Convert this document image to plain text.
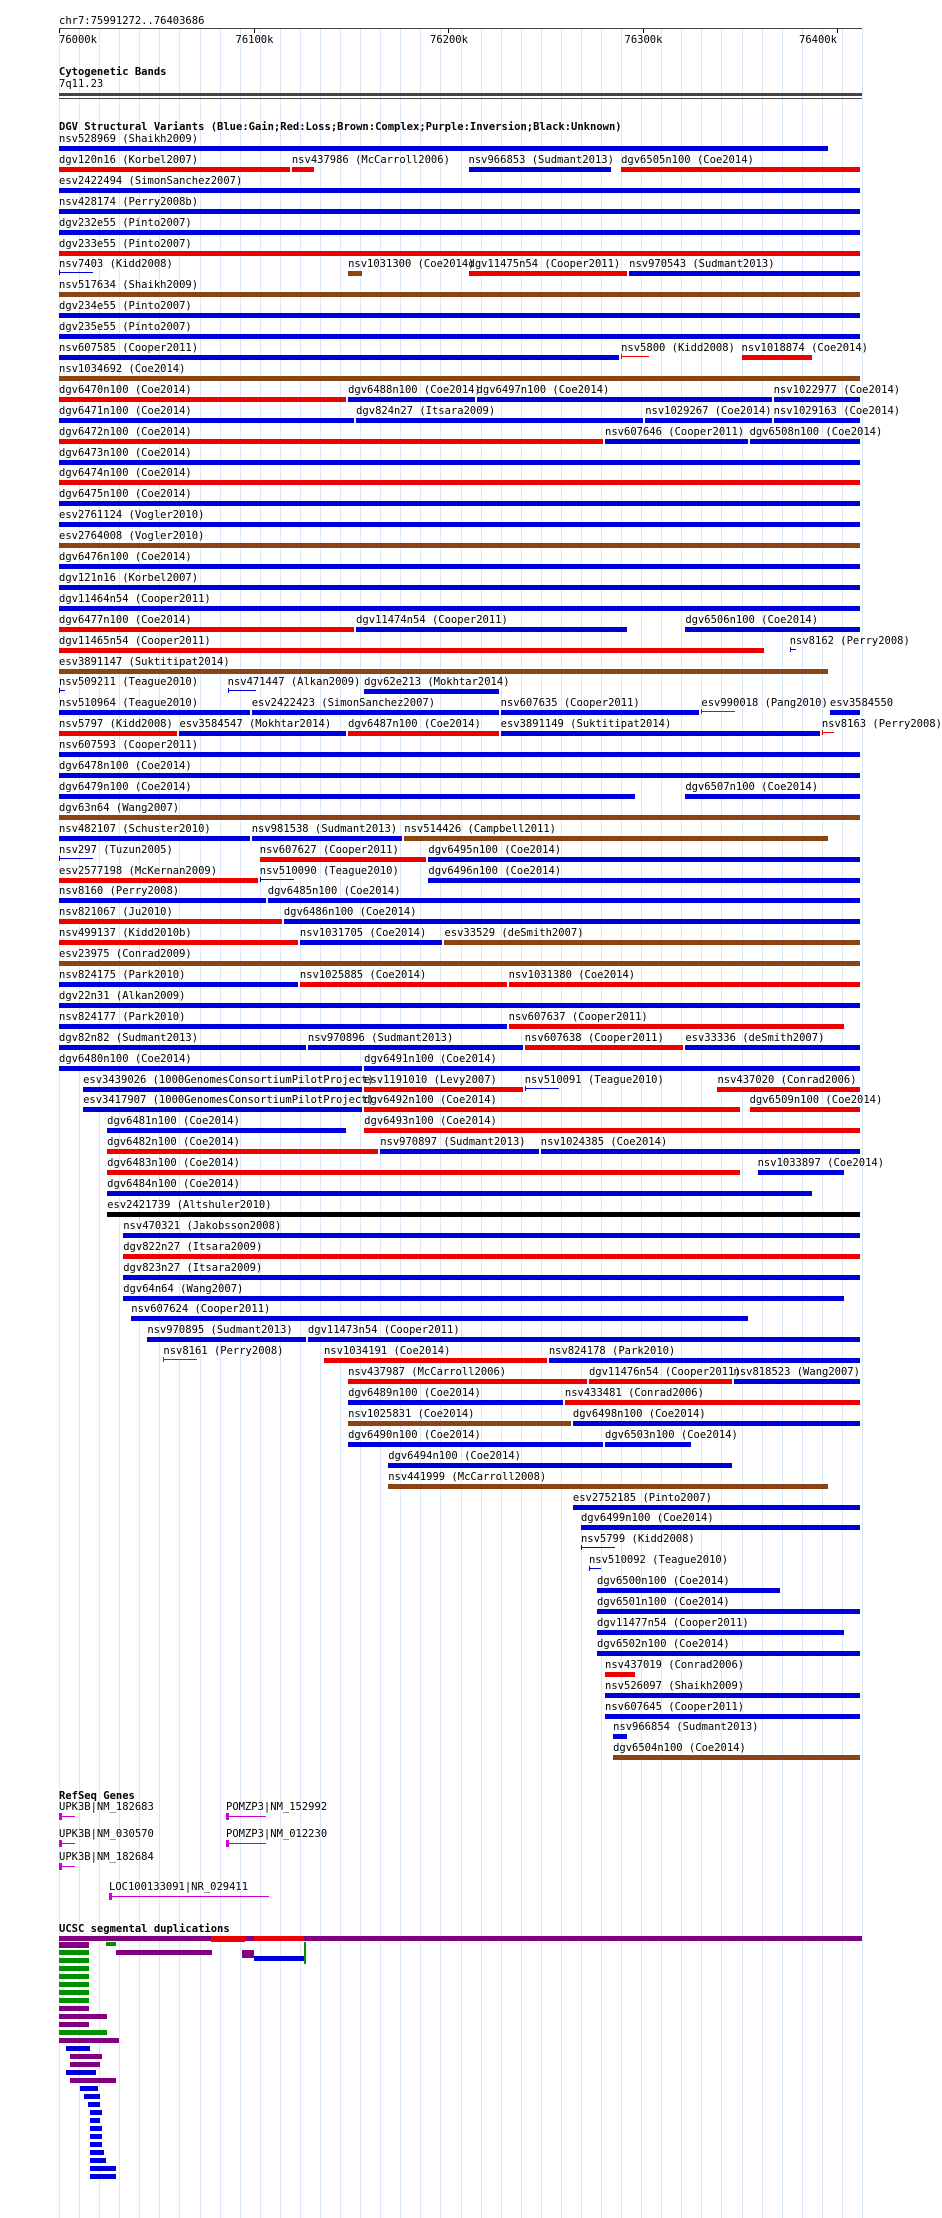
chr7:75991272..76403686
76000k	76100k	76200k	76300k	76400k
Cytogenetic Bands
7q11.23
DGV Structural Variants (Blue:Gain;Red:Loss;Brown:Complex;Purple:Inversion;Black:Unknown)
nsv528969 (Shaikh2009)
dgv120n16 (Korbel2007)	nsv437986 (McCarroll2006) nsv966853 (Sudmant2013) dgv6505n100 (Coe2014)
esv2422494 (SimonSanchez2007)
nsv428174 (Perry2008b)
dgv232e55 (Pinto2007)
dgv233e55 (Pinto2007)
nsv7403 (Kidd2008)	nsv1031300 (Coe2014)
dgv11475n54 (Cooper2011) nsv970543 (Sudmant2013)
nsv517634 (Shaikh2009)
dgv234e55 (Pinto2007)
dgv235e55 (Pinto2007)
nsv607585 (Cooper2011)	nsv5800 (Kidd2008) nsv1018874 (Coe2014)
nsv1034692 (Coe2014)
dgv6470n100 (Coe2014)	dgv6488n100 (Coe2014)
dgv6497n100 (Coe2014)	nsv1022977 (Coe2014)
dgv6471n100 (Coe2014)	dgv824n27 (Itsara2009)	nsv1029267 (Coe2014) nsv1029163 (Coe2014)
dgv6472n100 (Coe2014)	nsv607646 (Cooper2011) dgv6508n100 (Coe2014)
dgv6473n100 (Coe2014)
dgv6474n100 (Coe2014)
dgv6475n100 (Coe2014)
esv2761124 (Vogler2010)
esv2764008 (Vogler2010)
dgv6476n100 (Coe2014)
dgv121n16 (Korbel2007)
dgv11464n54 (Cooper2011)
dgv6477n100 (Coe2014)	dgv11474n54 (Cooper2011)	dgv6506n100 (Coe2014)
dgv11465n54 (Cooper2011)	nsv8162 (Perry2008)
esv3891147 (Suktitipat2014)
nsv509211 (Teague2010)	nsv471447 (Alkan2009) dgv62e213 (Mokhtar2014)
nsv510964 (Teague2010)	esv2422423 (SimonSanchez2007)	nsv607635 (Cooper2011)	esv990018 (Pang2010) esv3584550
nsv5797 (Kidd2008) esv3584547 (Mokhtar2014) dgv6487n100 (Coe2014) esv3891149 (Suktitipat2014)	nsv8163 (Perry2008)
nsv607593 (Cooper2011)
dgv6478n100 (Coe2014)
dgv6479n100 (Coe2014)	dgv6507n100 (Coe2014)
dgv63n64 (Wang2007)
nsv482107 (Schuster2010)	nsv981538 (Sudmant2013) nsv514426 (Campbell2011)
nsv297 (Tuzun2005)	nsv607627 (Cooper2011)	dgv6495n100 (Coe2014)
esv2577198 (McKernan2009)	nsv510090 (Teague2010)	dgv6496n100 (Coe2014)
nsv8160 (Perry2008)	dgv6485n100 (Coe2014)
nsv821067 (Ju2010)	dgv6486n100 (Coe2014)
nsv499137 (Kidd2010b)	nsv1031705 (Coe2014) esv33529 (deSmith2007)
esv23975 (Conrad2009)
nsv824175 (Park2010)	nsv1025885 (Coe2014)	nsv1031380 (Coe2014)
dgv22n31 (Alkan2009)
nsv824177 (Park2010)	nsv607637 (Cooper2011)
dgv82n82 (Sudmant2013)	nsv970896 (Sudmant2013)	nsv607638 (Cooper2011) esv33336 (deSmith2007)
dgv6480n100 (Coe2014)	dgv6491n100 (Coe2014)
esv3439026 (1000GenomesConsortiumPilotProject)
esv1191010 (Levy2007)	nsv510091 (Teague2010)	nsv437020 (Conrad2006)
esv3417907 (1000GenomesConsortiumPilotProject)
dgv6492n100 (Coe2014)	dgv6509n100 (Coe2014)
dgv6481n100 (Coe2014)	dgv6493n100 (Coe2014)
dgv6482n100 (Coe2014)	nsv970897 (Sudmant2013) nsv1024385 (Coe2014)
dgv6483n100 (Coe2014)	nsv1033897 (Coe2014)
dgv6484n100 (Coe2014)
esv2421739 (Altshuler2010)
nsv470321 (Jakobsson2008)
dgv822n27 (Itsara2009)
dgv823n27 (Itsara2009)
dgv64n64 (Wang2007)
nsv607624 (Cooper2011)
nsv970895 (Sudmant2013) dgv11473n54 (Cooper2011)
nsv8161 (Perry2008)	nsv1034191 (Coe2014)	nsv824178 (Park2010)
nsv437987 (McCarroll2006)	dgv11476n54 (Cooper2011)
nsv818523 (Wang2007)
dgv6489n100 (Coe2014)	nsv433481 (Conrad2006)
nsv1025831 (Coe2014)	dgv6498n100 (Coe2014)
dgv6490n100 (Coe2014)	dgv6503n100 (Coe2014)
dgv6494n100 (Coe2014)
nsv441999 (McCarroll2008)
esv2752185 (Pinto2007)
dgv6499n100 (Coe2014)
nsv5799 (Kidd2008)
nsv510092 (Teague2010)
dgv6500n100 (Coe2014)
dgv6501n100 (Coe2014)
dgv11477n54 (Cooper2011)
dgv6502n100 (Coe2014)
nsv437019 (Conrad2006)
nsv526097 (Shaikh2009)
nsv607645 (Cooper2011)
nsv966854 (Sudmant2013)
dgv6504n100 (Coe2014)
RefSeq Genes
UPK3B|NM_182683	POMZP3|NM_152992
UPK3B|NM_030570	POMZP3|NM_012230
UPK3B|NM_182684
LOC100133091|NR_029411
UCSC segmental duplications
